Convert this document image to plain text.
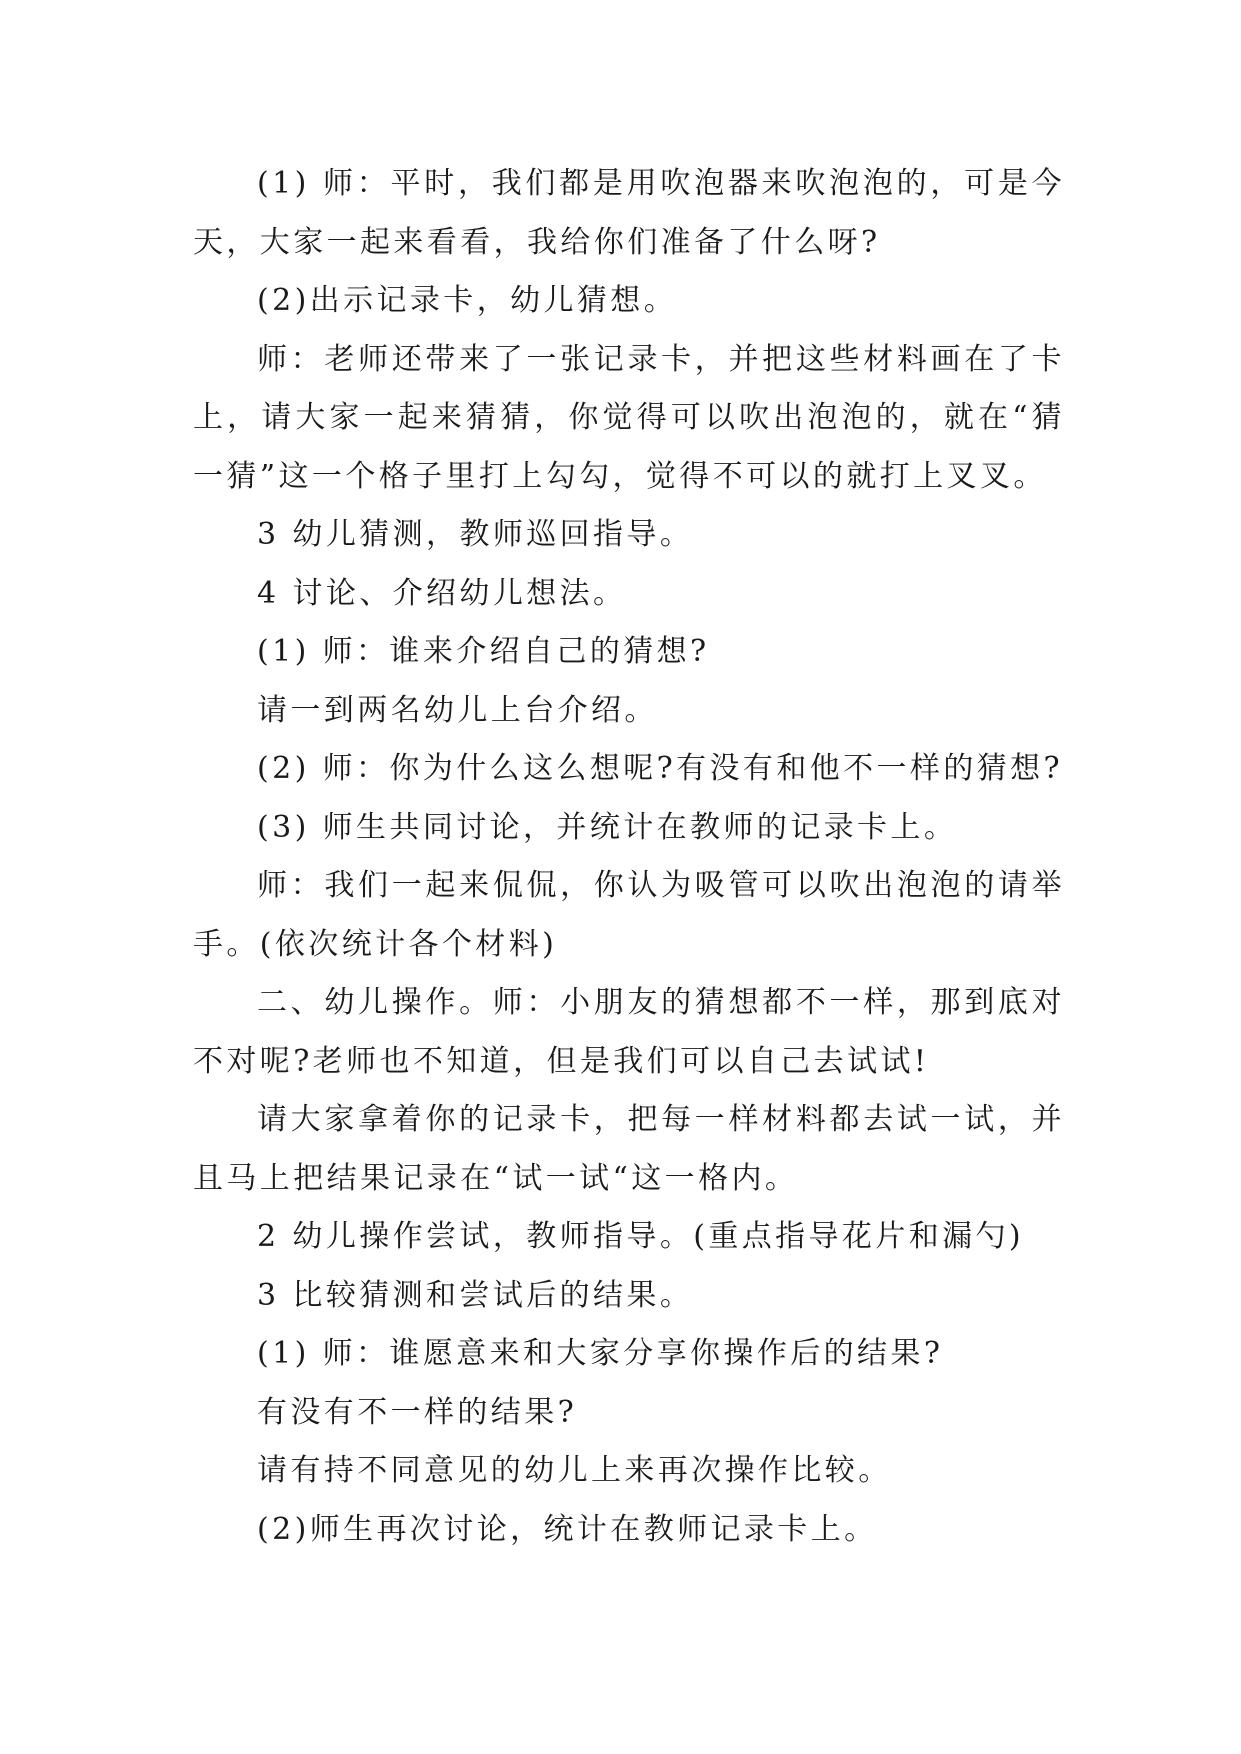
(1) 师：平时，我们都是用吹泡器来吹泡泡的，可是今天，大家一起来看看，我给你们准备了什么呀?

(2)出示记录卡，幼儿猜想。

师：老师还带来了一张记录卡，并把这些材料画在了卡上，请大家一起来猜猜，你觉得可以吹出泡泡的，就在“猜一猜”这一个格子里打上勾勾，觉得不可以的就打上叉叉。

3 幼儿猜测，教师巡回指导。

4 讨论、介绍幼儿想法。

(1) 师：谁来介绍自己的猜想?

请一到两名幼儿上台介绍。

(2) 师：你为什么这么想呢?有没有和他不一样的猜想?

(3) 师生共同讨论，并统计在教师的记录卡上。

师：我们一起来侃侃，你认为吸管可以吹出泡泡的请举手。(依次统计各个材料)

二、幼儿操作。师：小朋友的猜想都不一样，那到底对不对呢?老师也不知道，但是我们可以自己去试试!

请大家拿着你的记录卡，把每一样材料都去试一试，并且马上把结果记录在“试一试“这一格内。

2 幼儿操作尝试，教师指导。(重点指导花片和漏勺)

3 比较猜测和尝试后的结果。

(1) 师：谁愿意来和大家分享你操作后的结果?

有没有不一样的结果?

请有持不同意见的幼儿上来再次操作比较。

(2)师生再次讨论，统计在教师记录卡上。
